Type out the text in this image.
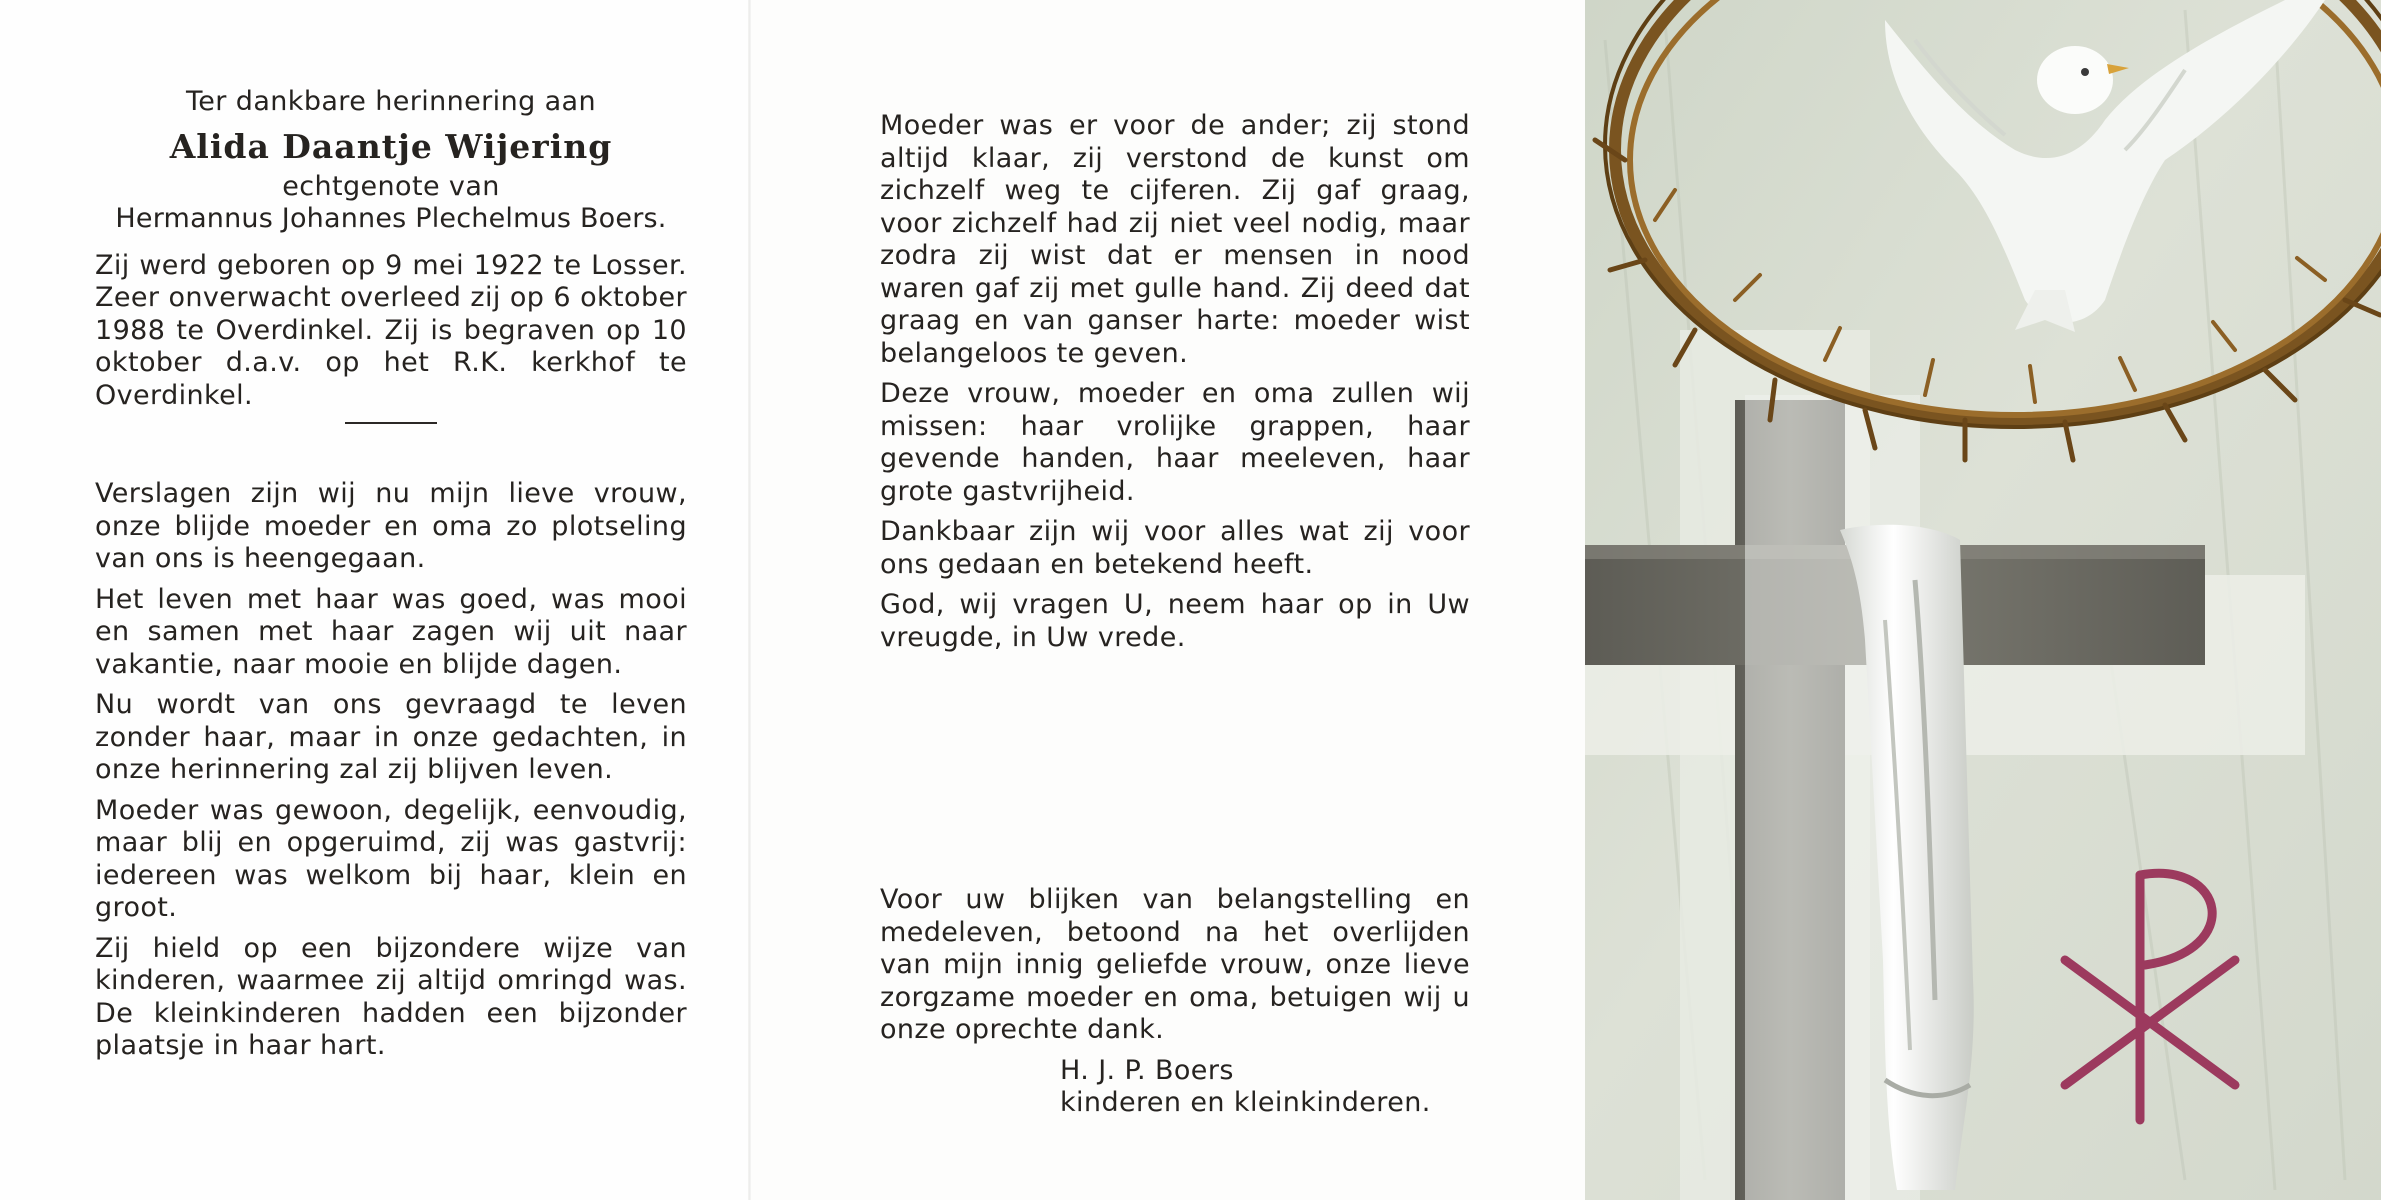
Ter dankbare herinnering aan
Alida Daantje Wijering
echtgenote van
Hermannus Johannes Plechelmus Boers.
Zij werd geboren op 9 mei 1922 te Losser. Zeer onverwacht overleed zij op 6 oktober 1988 te Overdinkel. Zij is begraven op 10 oktober d.a.v. op het R.K. kerkhof te Overdinkel.
Verslagen zijn wij nu mijn lieve vrouw, onze blijde moeder en oma zo plotseling van ons is heengegaan.
Het leven met haar was goed, was mooi en samen met haar zagen wij uit naar vakantie, naar mooie en blijde dagen.
Nu wordt van ons gevraagd te leven zonder haar, maar in onze gedachten, in onze herinnering zal zij blijven leven.
Moeder was gewoon, degelijk, eenvoudig, maar blij en opgeruimd, zij was gastvrij: iedereen was welkom bij haar, klein en groot.
Zij hield op een bijzondere wijze van kinderen, waarmee zij altijd omringd was. De kleinkinderen hadden een bijzonder plaatsje in haar hart.
Moeder was er voor de ander; zij stond altijd klaar, zij verstond de kunst om zichzelf weg te cijferen. Zij gaf graag, voor zichzelf had zij niet veel nodig, maar zodra zij wist dat er mensen in nood waren gaf zij met gulle hand. Zij deed dat graag en van ganser harte: moeder wist belangeloos te geven.
Deze vrouw, moeder en oma zullen wij missen: haar vrolijke grappen, haar gevende handen, haar meeleven, haar grote gastvrijheid.
Dankbaar zijn wij voor alles wat zij voor ons gedaan en betekend heeft.
God, wij vragen U, neem haar op in Uw vreugde, in Uw vrede.
Voor uw blijken van belangstelling en medeleven, betoond na het overlijden van mijn innig geliefde vrouw, onze lieve zorgzame moeder en oma, betuigen wij u onze oprechte dank.
H. J. P. Boers
kinderen en kleinkinderen.
